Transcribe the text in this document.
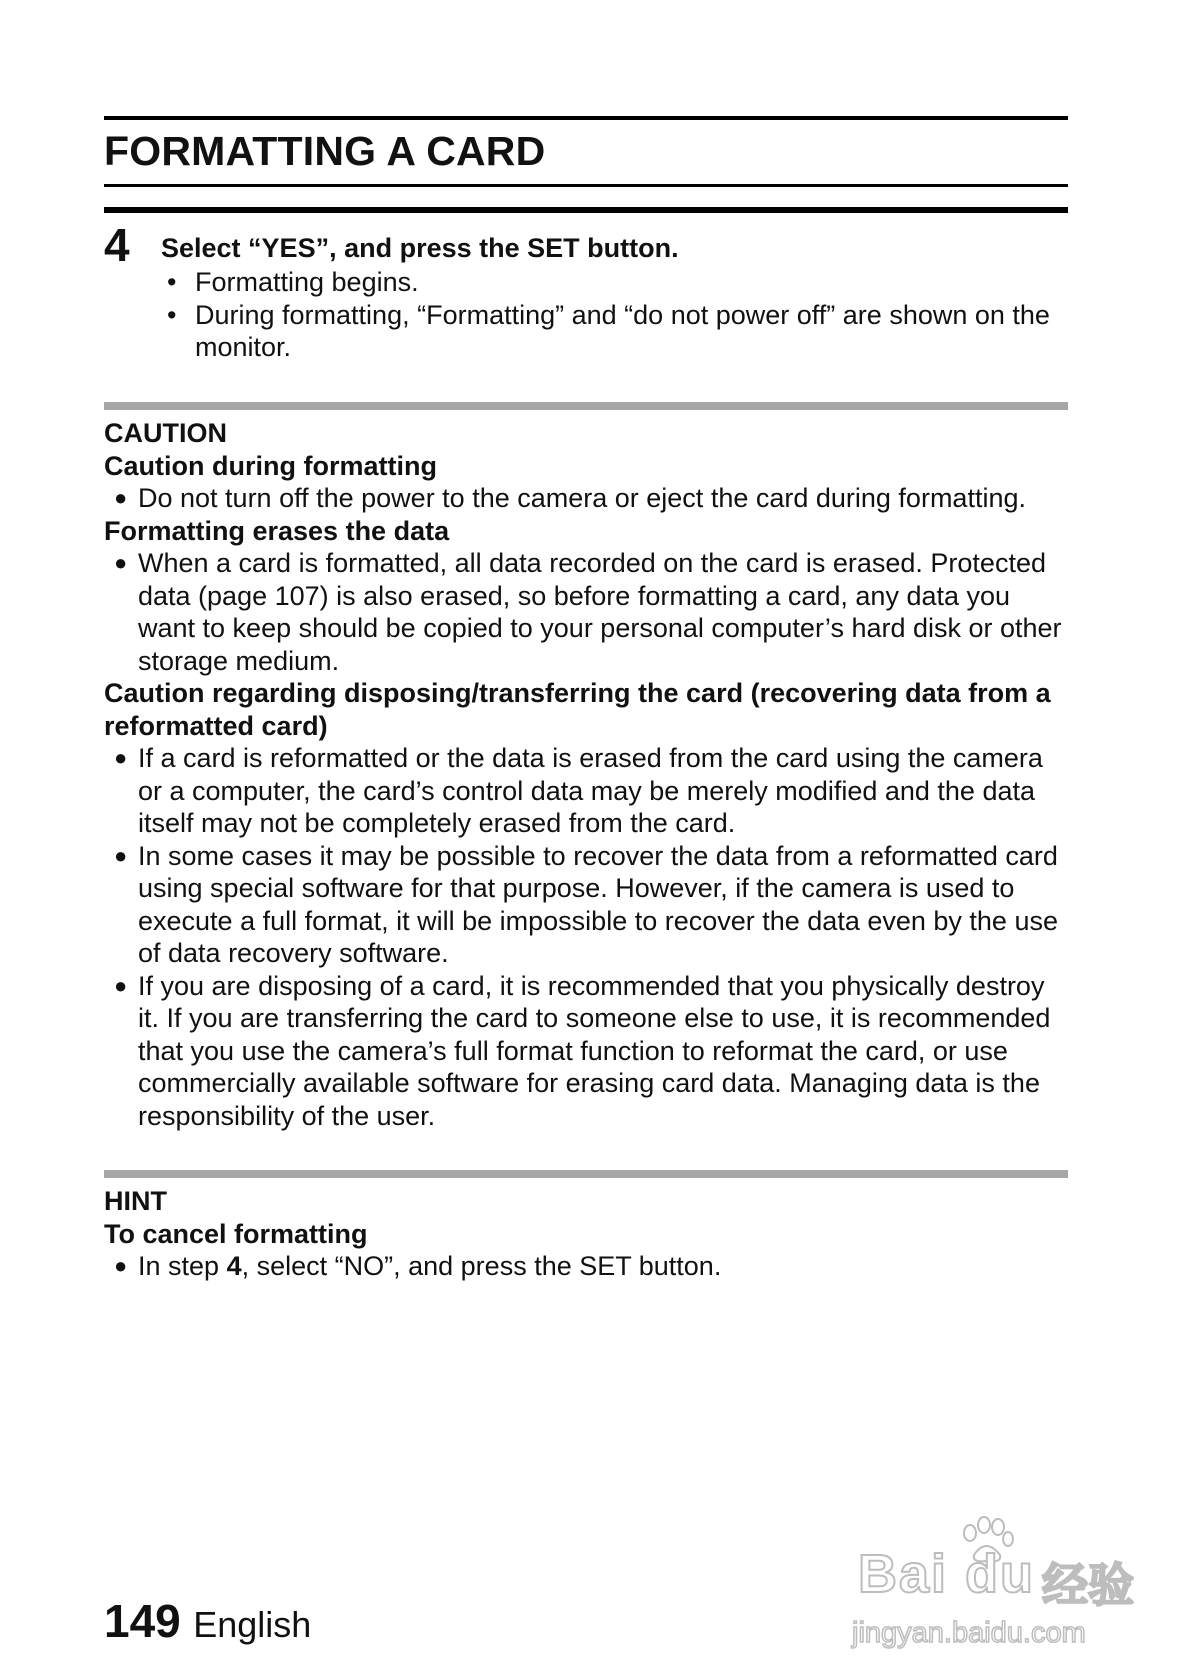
FORMATTING A CARD
4 Select “YES”, and press the SET button.
• Formatting begins.
• During formatting, “Formatting” and “do not power off” are shown on the monitor.
CAUTION
Caution during formatting
● Do not turn off the power to the camera or eject the card during formatting.
Formatting erases the data
● When a card is formatted, all data recorded on the card is erased. Protected data (page 107) is also erased, so before formatting a card, any data you want to keep should be copied to your personal computer’s hard disk or other storage medium.
Caution regarding disposing/transferring the card (recovering data from a reformatted card)
● If a card is reformatted or the data is erased from the card using the camera or a computer, the card’s control data may be merely modified and the data itself may not be completely erased from the card.
● In some cases it may be possible to recover the data from a reformatted card using special software for that purpose. However, if the camera is used to execute a full format, it will be impossible to recover the data even by the use of data recovery software.
● If you are disposing of a card, it is recommended that you physically destroy it. If you are transferring the card to someone else to use, it is recommended that you use the camera’s full format function to reformat the card, or use commercially available software for erasing card data. Managing data is the responsibility of the user.
HINT
To cancel formatting
● In step 4, select “NO”, and press the SET button.
149 English
Bai du 经验
jingyan.baidu.com
